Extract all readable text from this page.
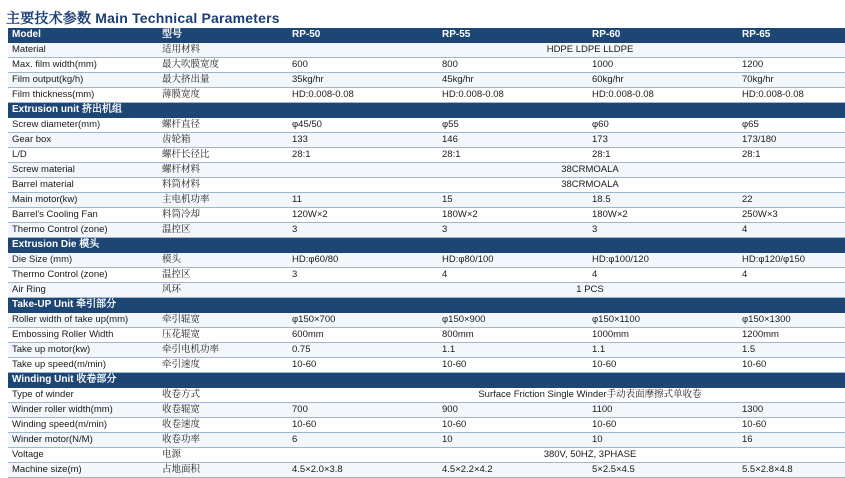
主要技术参数 Main Technical Parameters
Model	型号	RP-50	RP-55	RP-60	RP-65
Material	适用材料	HDPE LDPE LLDPE			
Max. film width(mm)	最大吹膜宽度	600	800	1000	1200
Film output(kg/h)	最大挤出量	35kg/hr	45kg/hr	60kg/hr	70kg/hr
Film thickness(mm)	薄膜宽度	HD:0.008-0.08	HD:0.008-0.08	HD:0.008-0.08	HD:0.008-0.08
Extrusion unit 挤出机组					
Screw diameter(mm)	螺杆直径	φ45/50	φ55	φ60	φ65
Gear box	齿轮箱	133	146	173	173/180
L/D	螺杆长径比	28:1	28:1	28:1	28:1
Screw material	螺杆材料	38CRMOALA			
Barrel material	料筒材料	38CRMOALA			
Main motor(kw)	主电机功率	11	15	18.5	22
Barrel's Cooling Fan	料筒冷却	120W×2	180W×2	180W×2	250W×3
Thermo Control (zone)	温控区	3	3	3	4
Extrusion Die 模头					
Die Size (mm)	模头	HD:φ60/80	HD:φ80/100	HD:φ100/120	HD:φ120/φ150
Thermo Control (zone)	温控区	3	4	4	4
Air Ring	风环	1 PCS			
Take-UP Unit 牵引部分					
Roller width of take up(mm)	牵引辊宽	φ150×700	φ150×900	φ150×1100	φ150×1300
Embossing Roller Width	压花辊宽	600mm	800mm	1000mm	1200mm
Take up motor(kw)	牵引电机功率	0.75	1.1	1.1	1.5
Take up speed(m/min)	牵引速度	10-60	10-60	10-60	10-60
Winding Unit 收卷部分					
Type of winder	收卷方式	Surface Friction Single Winder手动表面摩擦式单收卷			
Winder roller width(mm)	收卷辊宽	700	900	1100	1300
Winding speed(m/min)	收卷速度	10-60	10-60	10-60	10-60
Winder motor(N/M)	收卷功率	6	10	10	16
Voltage	电源	380V, 50HZ, 3PHASE			
Machine size(m)	占地面积	4.5×2.0×3.8	4.5×2.2×4.2	5×2.5×4.5	5.5×2.8×4.8
